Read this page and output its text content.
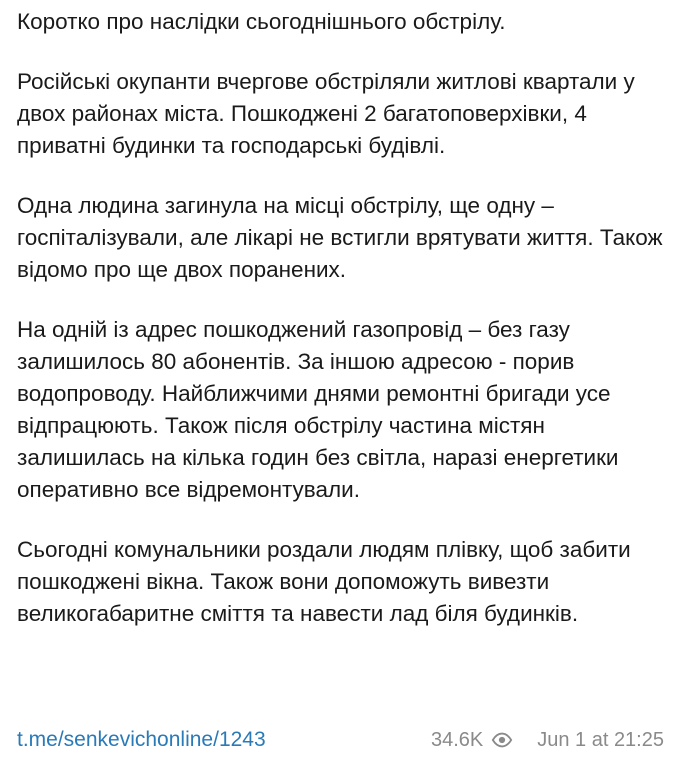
Коротко про наслідки сьогоднішнього обстрілу.

Російські окупанти вчергове обстріляли житлові квартали у двох районах міста. Пошкоджені 2 багатоповерхівки, 4 приватні будинки та господарські будівлі.

Одна людина загинула на місці обстрілу, ще одну – госпіталізували, але лікарі не встигли врятувати життя. Також відомо про ще двох поранених.

На одній із адрес пошкоджений газопровід – без газу залишилось 80 абонентів. За іншою адресою - порив водопроводу. Найближчими днями ремонтні бригади усе відпрацюють. Також після обстрілу частина містян залишилась на кілька годин без світла, наразі енергетики оперативно все відремонтували.

Сьогодні комунальники роздали людям плівку, щоб забити пошкоджені вікна. Також вони допоможуть вивезти великогабаритне сміття та навести лад біля будинків.

t.me/senkevichonline/1243	34.6K	Jun 1 at 21:25
